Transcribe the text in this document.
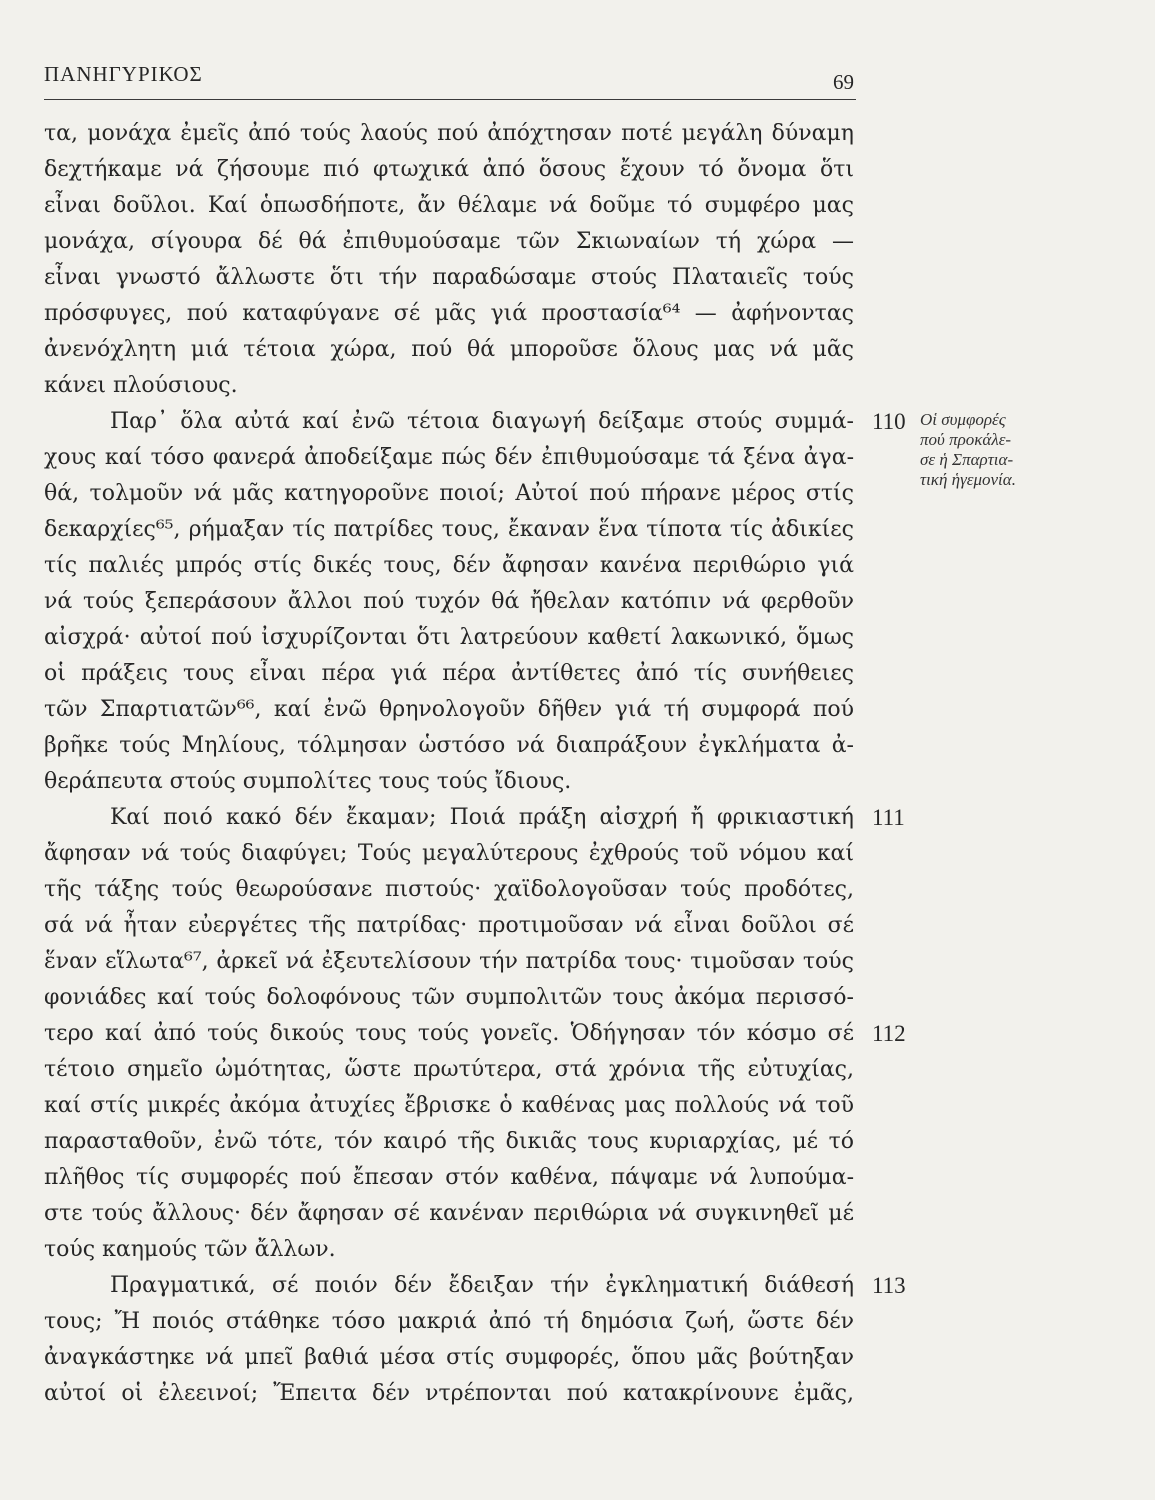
ΠΑΝΗΓΥΡΙΚΟΣ	69
τα, μονάχα ἐμεῖς ἀπό τούς λαούς πού ἀπόχτησαν ποτέ μεγάλη δύναμη
δεχτήκαμε νά ζήσουμε πιό φτωχικά ἀπό ὅσους ἔχουν τό ὄνομα ὅτι
εἶναι δοῦλοι. Καί ὁπωσδήποτε, ἄν θέλαμε νά δοῦμε τό συμφέρο μας
μονάχα, σίγουρα δέ θά ἐπιθυμούσαμε τῶν Σκιωναίων τή χώρα —
εἶναι γνωστό ἄλλωστε ὅτι τήν παραδώσαμε στούς Πλαταιεῖς τούς
πρόσφυγες, πού καταφύγανε σέ μᾶς γιά προστασία⁶⁴ — ἀφήνοντας
ἀνενόχλητη μιά τέτοια χώρα, πού θά μποροῦσε ὅλους μας νά μᾶς
κάνει πλούσιους.
Παρ᾽ ὅλα αὐτά καί ἐνῶ τέτοια διαγωγή δείξαμε στούς συμμά-
χους καί τόσο φανερά ἀποδείξαμε πώς δέν ἐπιθυμούσαμε τά ξένα ἀγα-
θά, τολμοῦν νά μᾶς κατηγοροῦνε ποιοί; Αὐτοί πού πήρανε μέρος στίς
δεκαρχίες⁶⁵, ρήμαξαν τίς πατρίδες τους, ἔκαναν ἕνα τίποτα τίς ἀδικίες
τίς παλιές μπρός στίς δικές τους, δέν ἄφησαν κανένα περιθώριο γιά
νά τούς ξεπεράσουν ἄλλοι πού τυχόν θά ἤθελαν κατόπιν νά φερθοῦν
αἰσχρά· αὐτοί πού ἰσχυρίζονται ὅτι λατρεύουν καθετί λακωνικό, ὅμως
οἱ πράξεις τους εἶναι πέρα γιά πέρα ἀντίθετες ἀπό τίς συνήθειες
τῶν Σπαρτιατῶν⁶⁶, καί ἐνῶ θρηνολογοῦν δῆθεν γιά τή συμφορά πού
βρῆκε τούς Μηλίους, τόλμησαν ὡστόσο νά διαπράξουν ἐγκλήματα ἀ-
θεράπευτα στούς συμπολίτες τους τούς ἴδιους.
Καί ποιό κακό δέν ἔκαμαν; Ποιά πράξη αἰσχρή ἤ φρικιαστική
ἄφησαν νά τούς διαφύγει; Τούς μεγαλύτερους ἐχθρούς τοῦ νόμου καί
τῆς τάξης τούς θεωρούσανε πιστούς· χαϊδολογοῦσαν τούς προδότες,
σά νά ἦταν εὐεργέτες τῆς πατρίδας· προτιμοῦσαν νά εἶναι δοῦλοι σέ
ἕναν εἵλωτα⁶⁷, ἀρκεῖ νά ἐξευτελίσουν τήν πατρίδα τους· τιμοῦσαν τούς
φονιάδες καί τούς δολοφόνους τῶν συμπολιτῶν τους ἀκόμα περισσό-
τερο καί ἀπό τούς δικούς τους τούς γονεῖς. Ὁδήγησαν τόν κόσμο σέ
τέτοιο σημεῖο ὠμότητας, ὥστε πρωτύτερα, στά χρόνια τῆς εὐτυχίας,
καί στίς μικρές ἀκόμα ἀτυχίες ἔβρισκε ὁ καθένας μας πολλούς νά τοῦ
παρασταθοῦν, ἐνῶ τότε, τόν καιρό τῆς δικιᾶς τους κυριαρχίας, μέ τό
πλῆθος τίς συμφορές πού ἔπεσαν στόν καθένα, πάψαμε νά λυπούμα-
στε τούς ἄλλους· δέν ἄφησαν σέ κανέναν περιθώρια νά συγκινηθεῖ μέ
τούς καημούς τῶν ἄλλων.
Πραγματικά, σέ ποιόν δέν ἔδειξαν τήν ἐγκληματική διάθεσή
τους; Ἤ ποιός στάθηκε τόσο μακριά ἀπό τή δημόσια ζωή, ὥστε δέν
ἀναγκάστηκε νά μπεῖ βαθιά μέσα στίς συμφορές, ὅπου μᾶς βούτηξαν
αὐτοί οἱ ἐλεεινοί; Ἔπειτα δέν ντρέπονται πού κατακρίνουνε ἐμᾶς,
110
111
112
113
Οἱ συμφορές
πού προκάλε-
σε ἡ Σπαρτια-
τική ἡγεμονία.
